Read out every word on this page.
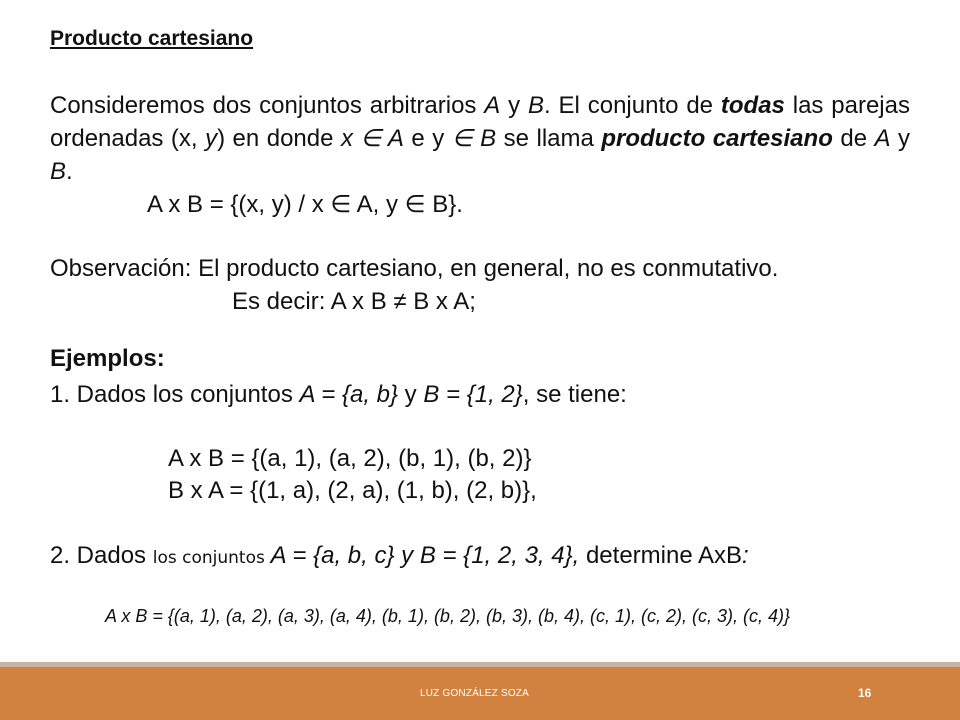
Producto cartesiano
Consideremos dos conjuntos arbitrarios A y B. El conjunto de todas las parejas ordenadas (x, y) en donde x ∈ A e y ∈ B se llama producto cartesiano de A y B.
A x B = {(x, y) / x ∈ A, y ∈ B}.
Observación: El producto cartesiano, en general, no es conmutativo.
Es decir: A x B ≠ B x A;
Ejemplos:
1. Dados los conjuntos A = {a, b} y B = {1, 2}, se tiene:
A x B = {(a, 1), (a, 2), (b, 1), (b, 2)}
B x A = {(1, a), (2, a), (1, b), (2, b)},
2. Dados los conjuntos A = {a, b, c} y B = {1, 2, 3, 4}, determine AxB:
A x B = {(a, 1), (a, 2), (a, 3), (a, 4), (b, 1), (b, 2), (b, 3), (b, 4), (c, 1), (c, 2), (c, 3), (c, 4)}
LUZ GONZÁLEZ SOZA	16
